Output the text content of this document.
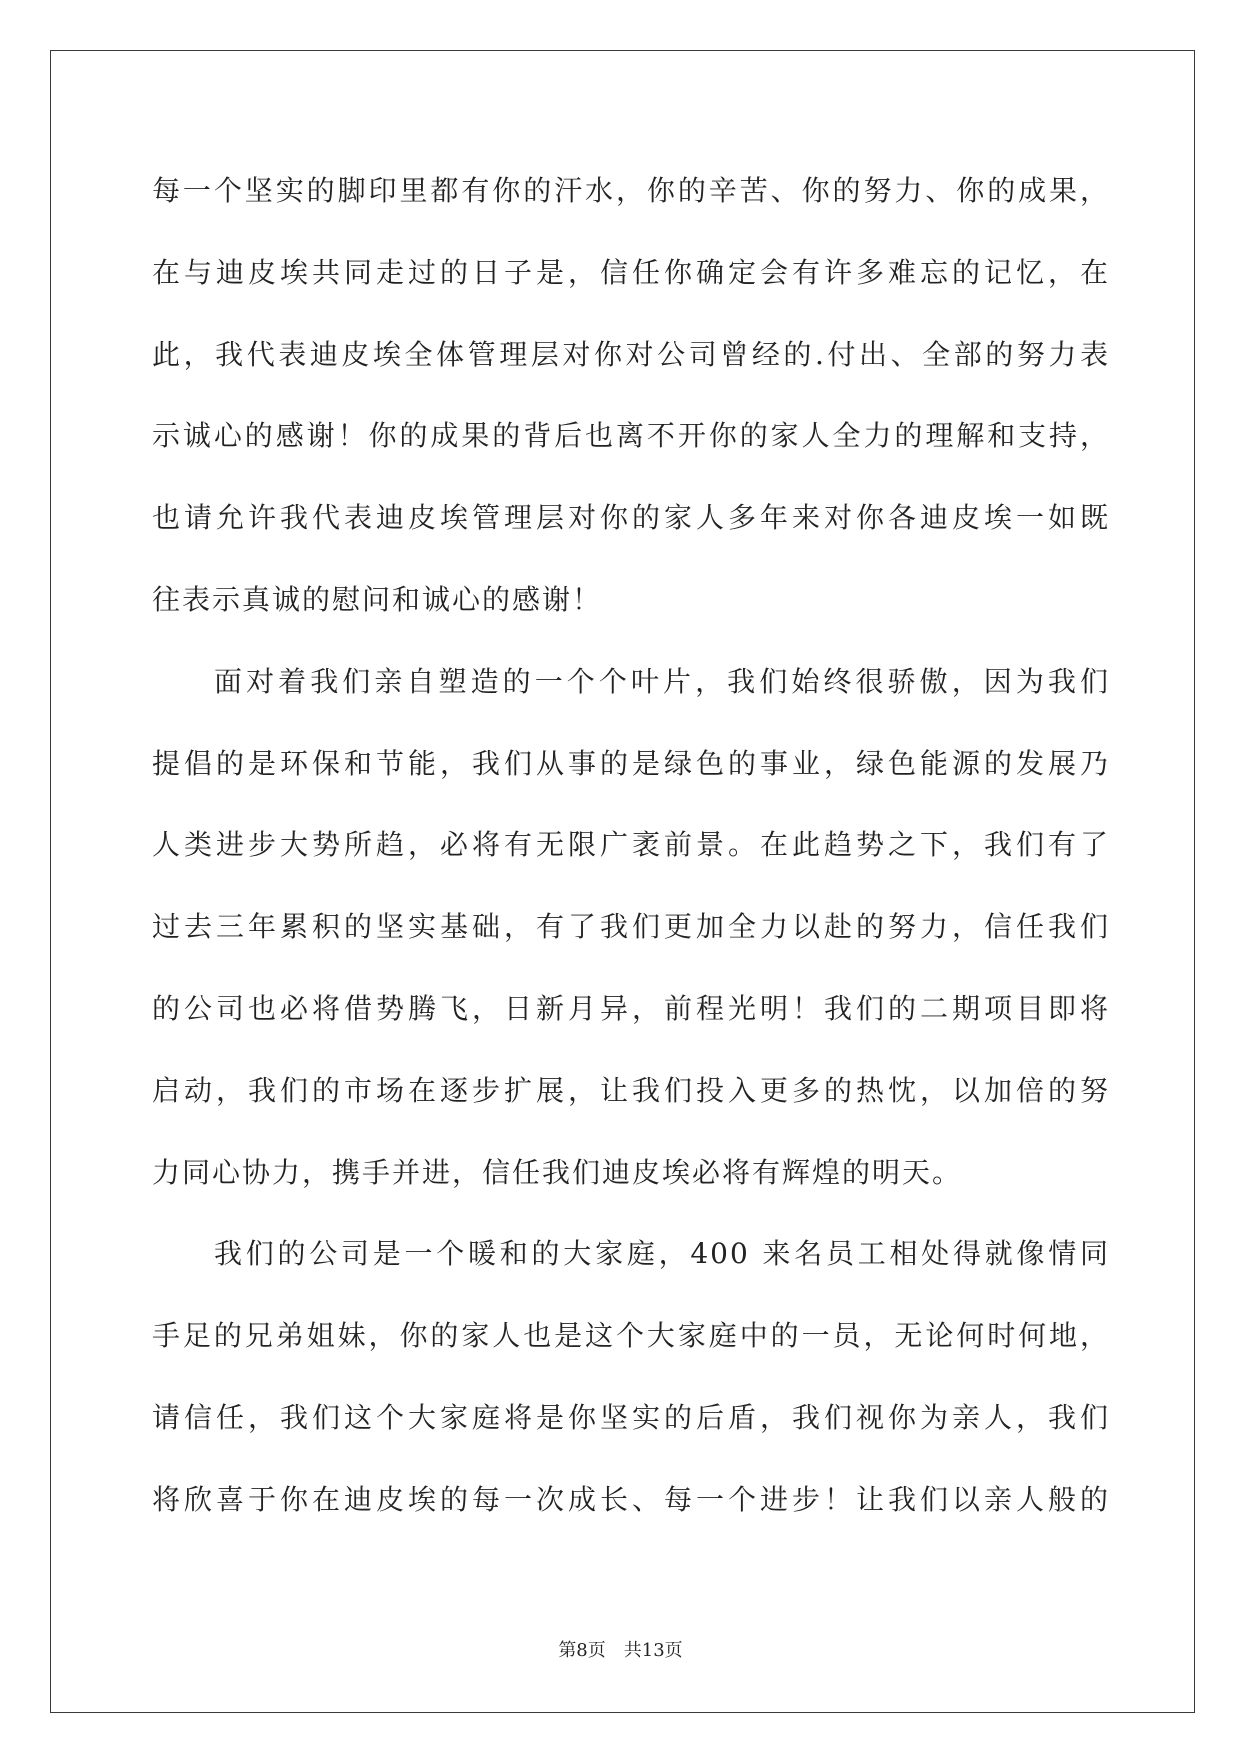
每一个坚实的脚印里都有你的汗水，你的辛苦、你的努力、你的成果，
在与迪皮埃共同走过的日子是，信任你确定会有许多难忘的记忆，在
此，我代表迪皮埃全体管理层对你对公司曾经的.付出、全部的努力表
示诚心的感谢！你的成果的背后也离不开你的家人全力的理解和支持，
也请允许我代表迪皮埃管理层对你的家人多年来对你各迪皮埃一如既
往表示真诚的慰问和诚心的感谢！
面对着我们亲自塑造的一个个叶片，我们始终很骄傲，因为我们
提倡的是环保和节能，我们从事的是绿色的事业，绿色能源的发展乃
人类进步大势所趋，必将有无限广袤前景。在此趋势之下，我们有了
过去三年累积的坚实基础，有了我们更加全力以赴的努力，信任我们
的公司也必将借势腾飞，日新月异，前程光明！我们的二期项目即将
启动，我们的市场在逐步扩展，让我们投入更多的热忱，以加倍的努
力同心协力，携手并进，信任我们迪皮埃必将有辉煌的明天。
我们的公司是一个暖和的大家庭，400 来名员工相处得就像情同
手足的兄弟姐妹，你的家人也是这个大家庭中的一员，无论何时何地，
请信任，我们这个大家庭将是你坚实的后盾，我们视你为亲人，我们
将欣喜于你在迪皮埃的每一次成长、每一个进步！让我们以亲人般的
第8页 共13页
